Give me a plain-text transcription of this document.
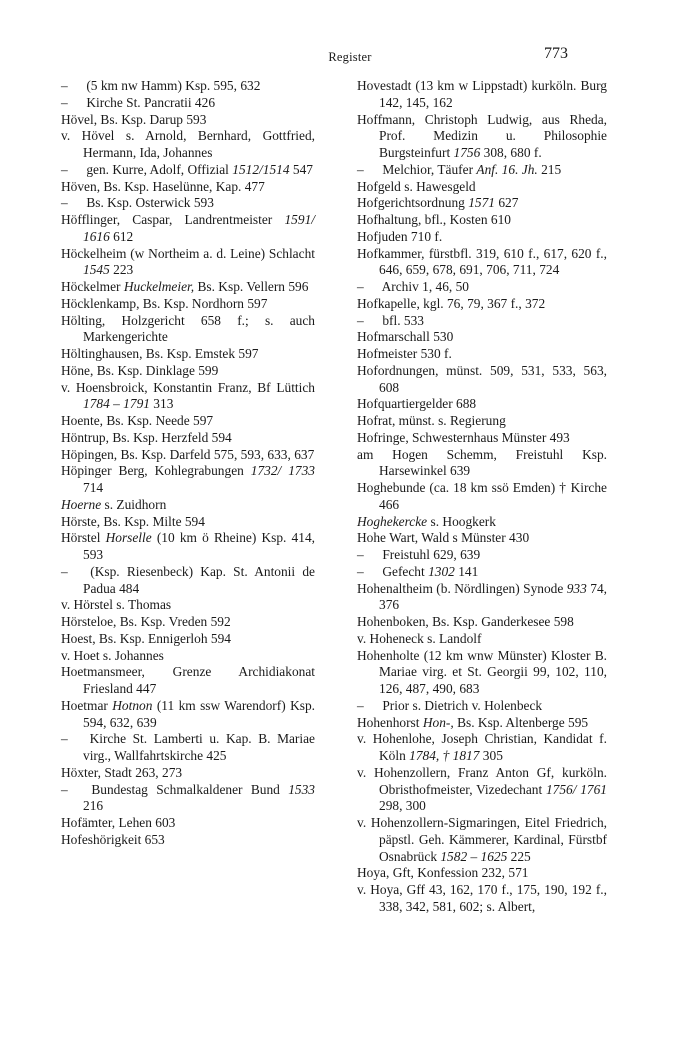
Register	773

– (5 km nw Hamm) Ksp. 595, 632

– Kirche St. Pancratii 426

Hövel, Bs. Ksp. Darup 593

v. Hövel s. Arnold, Bernhard, Gottfried, Hermann, Ida, Johannes

– gen. Kurre, Adolf, Offizial 1512/1514 547

Höven, Bs. Ksp. Haselünne, Kap. 477

– Bs. Ksp. Osterwick 593

Höfflinger, Caspar, Landrentmeister 1591/ 1616 612

Höckelheim (w Northeim a. d. Leine) Schlacht 1545 223

Höckelmer Huckelmeier, Bs. Ksp. Vellern 596

Höcklenkamp, Bs. Ksp. Nordhorn 597

Hölting, Holzgericht 658 f.; s. auch Markengerichte

Höltinghausen, Bs. Ksp. Emstek 597

Höne, Bs. Ksp. Dinklage 599

v. Hoensbroick, Konstantin Franz, Bf Lüttich 1784 – 1791 313

Hoente, Bs. Ksp. Neede 597

Höntrup, Bs. Ksp. Herzfeld 594

Höpingen, Bs. Ksp. Darfeld 575, 593, 633, 637

Höpinger Berg, Kohlegrabungen 1732/ 1733 714

Hoerne s. Zuidhorn

Hörste, Bs. Ksp. Milte 594

Hörstel Horselle (10 km ö Rheine) Ksp. 414, 593

– (Ksp. Riesenbeck) Kap. St. Antonii de Padua 484

v. Hörstel s. Thomas

Hörsteloe, Bs. Ksp. Vreden 592

Hoest, Bs. Ksp. Ennigerloh 594

v. Hoet s. Johannes

Hoetmansmeer, Grenze Archidiakonat Friesland 447

Hoetmar Hotnon (11 km ssw Warendorf) Ksp. 594, 632, 639

– Kirche St. Lamberti u. Kap. B. Mariae virg., Wallfahrtskirche 425

Höxter, Stadt 263, 273

– Bundestag Schmalkaldener Bund 1533 216

Hofämter, Lehen 603

Hofeshörigkeit 653

Hovestadt (13 km w Lippstadt) kurköln. Burg 142, 145, 162

Hoffmann, Christoph Ludwig, aus Rheda, Prof. Medizin u. Philosophie Burgsteinfurt 1756 308, 680 f.

– Melchior, Täufer Anf. 16. Jh. 215

Hofgeld s. Hawesgeld

Hofgerichtsordnung 1571 627

Hofhaltung, bfl., Kosten 610

Hofjuden 710 f.

Hofkammer, fürstbfl. 319, 610 f., 617, 620 f., 646, 659, 678, 691, 706, 711, 724

– Archiv 1, 46, 50

Hofkapelle, kgl. 76, 79, 367 f., 372

– bfl. 533

Hofmarschall 530

Hofmeister 530 f.

Hofordnungen, münst. 509, 531, 533, 563, 608

Hofquartiergelder 688

Hofrat, münst. s. Regierung

Hofringe, Schwesternhaus Münster 493

am Hogen Schemm, Freistuhl Ksp. Harsewinkel 639

Hoghebunde (ca. 18 km ssö Emden) † Kirche 466

Hoghekercke s. Hoogkerk

Hohe Wart, Wald s Münster 430

– Freistuhl 629, 639

– Gefecht 1302 141

Hohenaltheim (b. Nördlingen) Synode 933 74, 376

Hohenboken, Bs. Ksp. Ganderkesee 598

v. Hoheneck s. Landolf

Hohenholte (12 km wnw Münster) Kloster B. Mariae virg. et St. Georgii 99, 102, 110, 126, 487, 490, 683

– Prior s. Dietrich v. Holenbeck

Hohenhorst Hon-, Bs. Ksp. Altenberge 595

v. Hohenlohe, Joseph Christian, Kandidat f. Köln 1784, † 1817 305

v. Hohenzollern, Franz Anton Gf, kurköln. Obristhofmeister, Vizedechant 1756/ 1761 298, 300

v. Hohenzollern-Sigmaringen, Eitel Friedrich, päpstl. Geh. Kämmerer, Kardinal, Fürstbf Osnabrück 1582 – 1625 225

Hoya, Gft, Konfession 232, 571

v. Hoya, Gff 43, 162, 170 f., 175, 190, 192 f., 338, 342, 581, 602; s. Albert,
